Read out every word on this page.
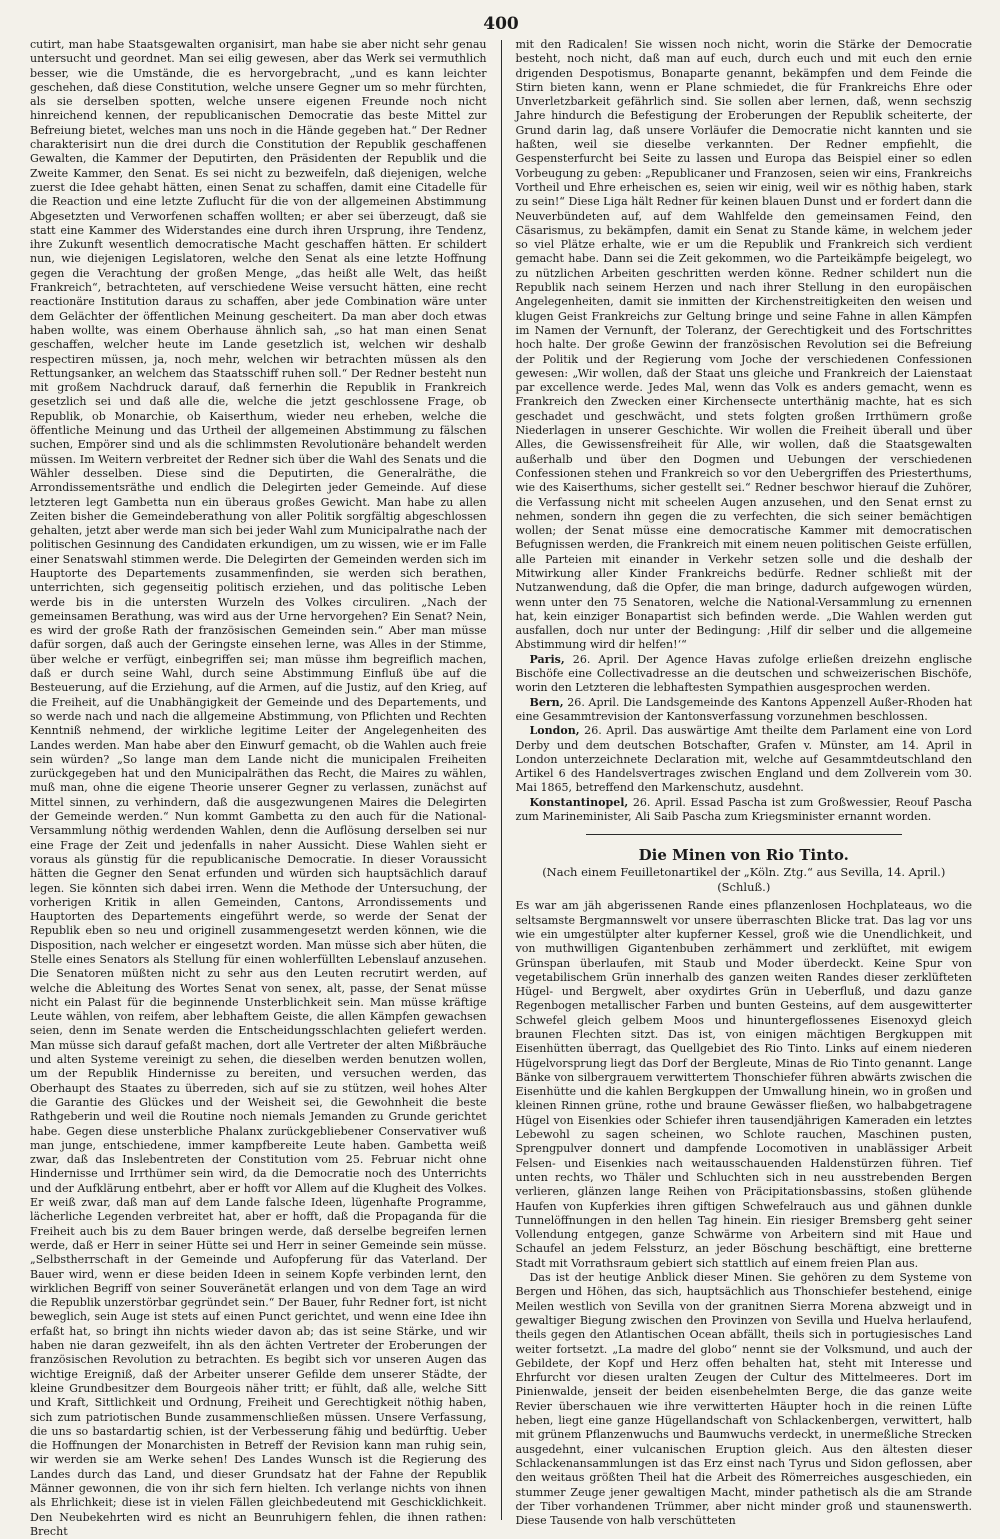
400

cutirt, man habe Staatsgewalten organisirt, man habe sie aber nicht sehr genau untersucht und geordnet. Man sei eilig gewesen, aber das Werk sei vermuthlich besser, wie die Umstände, die es hervorgebracht, „und es kann leichter geschehen, daß diese Constitution, welche unsere Gegner um so mehr fürchten, als sie derselben spotten, welche unsere eigenen Freunde noch nicht hinreichend kennen, der republicanischen Democratie das beste Mittel zur Befreiung bietet, welches man uns noch in die Hände gegeben hat.“ Der Redner charakterisirt nun die drei durch die Constitution der Republik geschaffenen Gewalten, die Kammer der Deputirten, den Präsidenten der Republik und die Zweite Kammer, den Senat. Es sei nicht zu bezweifeln, daß diejenigen, welche zuerst die Idee gehabt hätten, einen Senat zu schaffen, damit eine Citadelle für die Reaction und eine letzte Zuflucht für die von der allgemeinen Abstimmung Abgesetzten und Verworfenen schaffen wollten; er aber sei überzeugt, daß sie statt eine Kammer des Widerstandes eine durch ihren Ursprung, ihre Tendenz, ihre Zukunft wesentlich democratische Macht geschaffen hätten. Er schildert nun, wie diejenigen Legislatoren, welche den Senat als eine letzte Hoffnung gegen die Verachtung der großen Menge, „das heißt alle Welt, das heißt Frankreich“, betrachteten, auf verschiedene Weise versucht hätten, eine recht reactionäre Institution daraus zu schaffen, aber jede Combination wäre unter dem Gelächter der öffentlichen Meinung gescheitert. Da man aber doch etwas haben wollte, was einem Oberhause ähnlich sah, „so hat man einen Senat geschaffen, welcher heute im Lande gesetzlich ist, welchen wir deshalb respectiren müssen, ja, noch mehr, welchen wir betrachten müssen als den Rettungsanker, an welchem das Staatsschiff ruhen soll.“ Der Redner besteht nun mit großem Nachdruck darauf, daß fernerhin die Republik in Frankreich gesetzlich sei und daß alle die, welche die jetzt geschlossene Frage, ob Republik, ob Monarchie, ob Kaiserthum, wieder neu erheben, welche die öffentliche Meinung und das Urtheil der allgemeinen Abstimmung zu fälschen suchen, Empörer sind und als die schlimmsten Revolutionäre behandelt werden müssen. Im Weitern verbreitet der Redner sich über die Wahl des Senats und die Wähler desselben. Diese sind die Deputirten, die Generalräthe, die Arrondissementsräthe und endlich die Delegirten jeder Gemeinde. Auf diese letzteren legt Gambetta nun ein überaus großes Gewicht. Man habe zu allen Zeiten bisher die Gemeindeberathung von aller Politik sorgfältig abgeschlossen gehalten, jetzt aber werde man sich bei jeder Wahl zum Municipalrathe nach der politischen Gesinnung des Candidaten erkundigen, um zu wissen, wie er im Falle einer Senatswahl stimmen werde. Die Delegirten der Gemeinden werden sich im Hauptorte des Departements zusammenfinden, sie werden sich berathen, unterrichten, sich gegenseitig politisch erziehen, und das politische Leben werde bis in die untersten Wurzeln des Volkes circuliren. „Nach der gemeinsamen Berathung, was wird aus der Urne hervorgehen? Ein Senat? Nein, es wird der große Rath der französischen Gemeinden sein.“ Aber man müsse dafür sorgen, daß auch der Geringste einsehen lerne, was Alles in der Stimme, über welche er verfügt, einbegriffen sei; man müsse ihm begreiflich machen, daß er durch seine Wahl, durch seine Abstimmung Einfluß übe auf die Besteuerung, auf die Erziehung, auf die Armen, auf die Justiz, auf den Krieg, auf die Freiheit, auf die Unabhängigkeit der Gemeinde und des Departements, und so werde nach und nach die allgemeine Abstimmung, von Pflichten und Rechten Kenntniß nehmend, der wirkliche legitime Leiter der Angelegenheiten des Landes werden. Man habe aber den Einwurf gemacht, ob die Wahlen auch freie sein würden? „So lange man dem Lande nicht die municipalen Freiheiten zurückgegeben hat und den Municipalräthen das Recht, die Maires zu wählen, muß man, ohne die eigene Theorie unserer Gegner zu verlassen, zunächst auf Mittel sinnen, zu verhindern, daß die ausgezwungenen Maires die Delegirten der Gemeinde werden.“ Nun kommt Gambetta zu den auch für die National-Versammlung nöthig werdenden Wahlen, denn die Auflösung derselben sei nur eine Frage der Zeit und jedenfalls in naher Aussicht. Diese Wahlen sieht er voraus als günstig für die republicanische Democratie. In dieser Voraussicht hätten die Gegner den Senat erfunden und würden sich hauptsächlich darauf legen. Sie könnten sich dabei irren. Wenn die Methode der Untersuchung, der vorherigen Kritik in allen Gemeinden, Cantons, Arrondissements und Hauptorten des Departements eingeführt werde, so werde der Senat der Republik eben so neu und originell zusammengesetzt werden können, wie die Disposition, nach welcher er eingesetzt worden. Man müsse sich aber hüten, die Stelle eines Senators als Stellung für einen wohlerfüllten Lebenslauf anzusehen. Die Senatoren müßten nicht zu sehr aus den Leuten recrutirt werden, auf welche die Ableitung des Wortes Senat von senex, alt, passe, der Senat müsse nicht ein Palast für die beginnende Unsterblichkeit sein. Man müsse kräftige Leute wählen, von reifem, aber lebhaftem Geiste, die allen Kämpfen gewachsen seien, denn im Senate werden die Entscheidungsschlachten geliefert werden. Man müsse sich darauf gefaßt machen, dort alle Vertreter der alten Mißbräuche und alten Systeme vereinigt zu sehen, die dieselben werden benutzen wollen, um der Republik Hindernisse zu bereiten, und versuchen werden, das Oberhaupt des Staates zu überreden, sich auf sie zu stützen, weil hohes Alter die Garantie des Glückes und der Weisheit sei, die Gewohnheit die beste Rathgeberin und weil die Routine noch niemals Jemanden zu Grunde gerichtet habe. Gegen diese unsterbliche Phalanx zurückgebliebener Conservativer wuß man junge, entschiedene, immer kampfbereite Leute haben. Gambetta weiß zwar, daß das Inslebentreten der Constitution vom 25. Februar nicht ohne Hindernisse und Irrthümer sein wird, da die Democratie noch des Unterrichts und der Aufklärung entbehrt, aber er hofft vor Allem auf die Klugheit des Volkes. Er weiß zwar, daß man auf dem Lande falsche Ideen, lügenhafte Programme, lächerliche Legenden verbreitet hat, aber er hofft, daß die Propaganda für die Freiheit auch bis zu dem Bauer bringen werde, daß derselbe begreifen lernen werde, daß er Herr in seiner Hütte sei und Herr in seiner Gemeinde sein müsse. „Selbstherrschaft in der Gemeinde und Aufopferung für das Vaterland. Der Bauer wird, wenn er diese beiden Ideen in seinem Kopfe verbinden lernt, den wirklichen Begriff von seiner Souveränetät erlangen und von dem Tage an wird die Republik unzerstörbar gegründet sein.“ Der Bauer, fuhr Redner fort, ist nicht beweglich, sein Auge ist stets auf einen Punct gerichtet, und wenn eine Idee ihn erfaßt hat, so bringt ihn nichts wieder davon ab; das ist seine Stärke, und wir haben nie daran gezweifelt, ihn als den ächten Vertreter der Eroberungen der französischen Revolution zu betrachten. Es begibt sich vor unseren Augen das wichtige Ereigniß, daß der Arbeiter unserer Gefilde dem unserer Städte, der kleine Grundbesitzer dem Bourgeois näher tritt; er fühlt, daß alle, welche Sitt und Kraft, Sittlichkeit und Ordnung, Freiheit und Gerechtigkeit nöthig haben, sich zum patriotischen Bunde zusammenschließen müssen. Unsere Verfassung, die uns so bastardartig schien, ist der Verbesserung fähig und bedürftig. Ueber die Hoffnungen der Monarchisten in Betreff der Revision kann man ruhig sein, wir werden sie am Werke sehen! Des Landes Wunsch ist die Regierung des Landes durch das Land, und dieser Grundsatz hat der Fahne der Republik Männer gewonnen, die von ihr sich fern hielten. Ich verlange nichts von ihnen als Ehrlichkeit; diese ist in vielen Fällen gleichbedeutend mit Geschicklichkeit. Den Neubekehrten wird es nicht an Beunruhigern fehlen, die ihnen rathen: Brecht

mit den Radicalen! Sie wissen noch nicht, worin die Stärke der Democratie besteht, noch nicht, daß man auf euch, durch euch und mit euch den ernie drigenden Despotismus, Bonaparte genannt, bekämpfen und dem Feinde die Stirn bieten kann, wenn er Plane schmiedet, die für Frankreichs Ehre oder Unverletzbarkeit gefährlich sind. Sie sollen aber lernen, daß, wenn sechszig Jahre hindurch die Befestigung der Eroberungen der Republik scheiterte, der Grund darin lag, daß unsere Vorläufer die Democratie nicht kannten und sie haßten, weil sie dieselbe verkannten. Der Redner empfiehlt, die Gespensterfurcht bei Seite zu lassen und Europa das Beispiel einer so edlen Vorbeugung zu geben: „Republicaner und Franzosen, seien wir eins, Frankreichs Vortheil und Ehre erheischen es, seien wir einig, weil wir es nöthig haben, stark zu sein!“ Diese Liga hält Redner für keinen blauen Dunst und er fordert dann die Neuverbündeten auf, auf dem Wahlfelde den gemeinsamen Feind, den Cäsarismus, zu bekämpfen, damit ein Senat zu Stande käme, in welchem jeder so viel Plätze erhalte, wie er um die Republik und Frankreich sich verdient gemacht habe. Dann sei die Zeit gekommen, wo die Parteikämpfe beigelegt, wo zu nützlichen Arbeiten geschritten werden könne. Redner schildert nun die Republik nach seinem Herzen und nach ihrer Stellung in den europäischen Angelegenheiten, damit sie inmitten der Kirchenstreitigkeiten den weisen und klugen Geist Frankreichs zur Geltung bringe und seine Fahne in allen Kämpfen im Namen der Vernunft, der Toleranz, der Gerechtigkeit und des Fortschrittes hoch halte. Der große Gewinn der französischen Revolution sei die Befreiung der Politik und der Regierung vom Joche der verschiedenen Confessionen gewesen: „Wir wollen, daß der Staat uns gleiche und Frankreich der Laienstaat par excellence werde. Jedes Mal, wenn das Volk es anders gemacht, wenn es Frankreich den Zwecken einer Kirchensecte unterthänig machte, hat es sich geschadet und geschwächt, und stets folgten großen Irrthümern große Niederlagen in unserer Geschichte. Wir wollen die Freiheit überall und über Alles, die Gewissensfreiheit für Alle, wir wollen, daß die Staatsgewalten außerhalb und über den Dogmen und Uebungen der verschiedenen Confessionen stehen und Frankreich so vor den Uebergriffen des Priesterthums, wie des Kaiserthums, sicher gestellt sei.“ Redner beschwor hierauf die Zuhörer, die Verfassung nicht mit scheelen Augen anzusehen, und den Senat ernst zu nehmen, sondern ihn gegen die zu verfechten, die sich seiner bemächtigen wollen; der Senat müsse eine democratische Kammer mit democratischen Befugnissen werden, die Frankreich mit einem neuen politischen Geiste erfüllen, alle Parteien mit einander in Verkehr setzen solle und die deshalb der Mitwirkung aller Kinder Frankreichs bedürfe. Redner schließt mit der Nutzanwendung, daß die Opfer, die man bringe, dadurch aufgewogen würden, wenn unter den 75 Senatoren, welche die National-Versammlung zu ernennen hat, kein einziger Bonapartist sich befinden werde. „Die Wahlen werden gut ausfallen, doch nur unter der Bedingung: ‚Hilf dir selber und die allgemeine Abstimmung wird dir helfen!‘“

Paris, 26. April. Der Agence Havas zufolge erließen dreizehn englische Bischöfe eine Collectivadresse an die deutschen und schweizerischen Bischöfe, worin den Letzteren die lebhaftesten Sympathien ausgesprochen werden.

Bern, 26. April. Die Landsgemeinde des Kantons Appenzell Außer-Rhoden hat eine Gesammtrevision der Kantonsverfassung vorzunehmen beschlossen.

London, 26. April. Das auswärtige Amt theilte dem Parlament eine von Lord Derby und dem deutschen Botschafter, Grafen v. Münster, am 14. April in London unterzeichnete Declaration mit, welche auf Gesammtdeutschland den Artikel 6 des Handelsvertrages zwischen England und dem Zollverein vom 30. Mai 1865, betreffend den Markenschutz, ausdehnt.

Konstantinopel, 26. April. Essad Pascha ist zum Großwessier, Reouf Pascha zum Marineminister, Ali Saib Pascha zum Kriegsminister ernannt worden.

Die Minen von Rio Tinto.
(Nach einem Feuilletonartikel der „Köln. Ztg.“ aus Sevilla, 14. April.)
(Schluß.)

Es war am jäh abgerissenen Rande eines pflanzenlosen Hochplateaus, wo die seltsamste Bergmannswelt vor unsere überraschten Blicke trat. Das lag vor uns wie ein umgestülpter alter kupferner Kessel, groß wie die Unendlichkeit, und von muthwilligen Gigantenbuben zerhämmert und zerklüftet, mit ewigem Grünspan überlaufen, mit Staub und Moder überdeckt. Keine Spur von vegetabilischem Grün innerhalb des ganzen weiten Randes dieser zerklüfteten Hügel- und Bergwelt, aber oxydirtes Grün in Ueberfluß, und dazu ganze Regenbogen metallischer Farben und bunten Gesteins, auf dem ausgewitterter Schwefel gleich gelbem Moos und hinuntergeflossenes Eisenoxyd gleich braunen Flechten sitzt. Das ist, von einigen mächtigen Bergkuppen mit Eisenhütten überragt, das Quellgebiet des Rio Tinto. Links auf einem niederen Hügelvorsprung liegt das Dorf der Bergleute, Minas de Rio Tinto genannt. Lange Bänke von silbergrauem verwittertem Thonschiefer führen abwärts zwischen die Eisenhütte und die kahlen Bergkuppen der Umwallung hinein, wo in großen und kleinen Rinnen grüne, rothe und braune Gewässer fließen, wo halbabgetragene Hügel von Eisenkies oder Schiefer ihren tausendjährigen Kameraden ein letztes Lebewohl zu sagen scheinen, wo Schlote rauchen, Maschinen pusten, Sprengpulver donnert und dampfende Locomotiven in unablässiger Arbeit Felsen- und Eisenkies nach weitausschauenden Haldenstürzen führen. Tief unten rechts, wo Thäler und Schluchten sich in neu ausstrebenden Bergen verlieren, glänzen lange Reihen von Präcipitationsbassins, stoßen glühende Haufen von Kupferkies ihren giftigen Schwefelrauch aus und gähnen dunkle Tunnelöffnungen in den hellen Tag hinein. Ein riesiger Bremsberg geht seiner Vollendung entgegen, ganze Schwärme von Arbeitern sind mit Haue und Schaufel an jedem Felssturz, an jeder Böschung beschäftigt, eine bretterne Stadt mit Vorrathsraum gebiert sich stattlich auf einem freien Plan aus.

Das ist der heutige Anblick dieser Minen. Sie gehören zu dem Systeme von Bergen und Höhen, das sich, hauptsächlich aus Thonschiefer bestehend, einige Meilen westlich von Sevilla von der granitnen Sierra Morena abzweigt und in gewaltiger Biegung zwischen den Provinzen von Sevilla und Huelva herlaufend, theils gegen den Atlantischen Ocean abfällt, theils sich in portugiesisches Land weiter fortsetzt. „La madre del globo“ nennt sie der Volksmund, und auch der Gebildete, der Kopf und Herz offen behalten hat, steht mit Interesse und Ehrfurcht vor diesen uralten Zeugen der Cultur des Mittelmeeres. Dort im Pinienwalde, jenseit der beiden eisenbehelmten Berge, die das ganze weite Revier überschauen wie ihre verwitterten Häupter hoch in die reinen Lüfte heben, liegt eine ganze Hügellandschaft von Schlackenbergen, verwittert, halb mit grünem Pflanzenwuchs und Baumwuchs verdeckt, in unermeßliche Strecken ausgedehnt, einer vulcanischen Eruption gleich. Aus den ältesten dieser Schlackenansammlungen ist das Erz einst nach Tyrus und Sidon geflossen, aber den weitaus größten Theil hat die Arbeit des Römerreiches ausgeschieden, ein stummer Zeuge jener gewaltigen Macht, minder pathetisch als die am Strande der Tiber vorhandenen Trümmer, aber nicht minder groß und staunenswerth. Diese Tausende von halb verschütteten
